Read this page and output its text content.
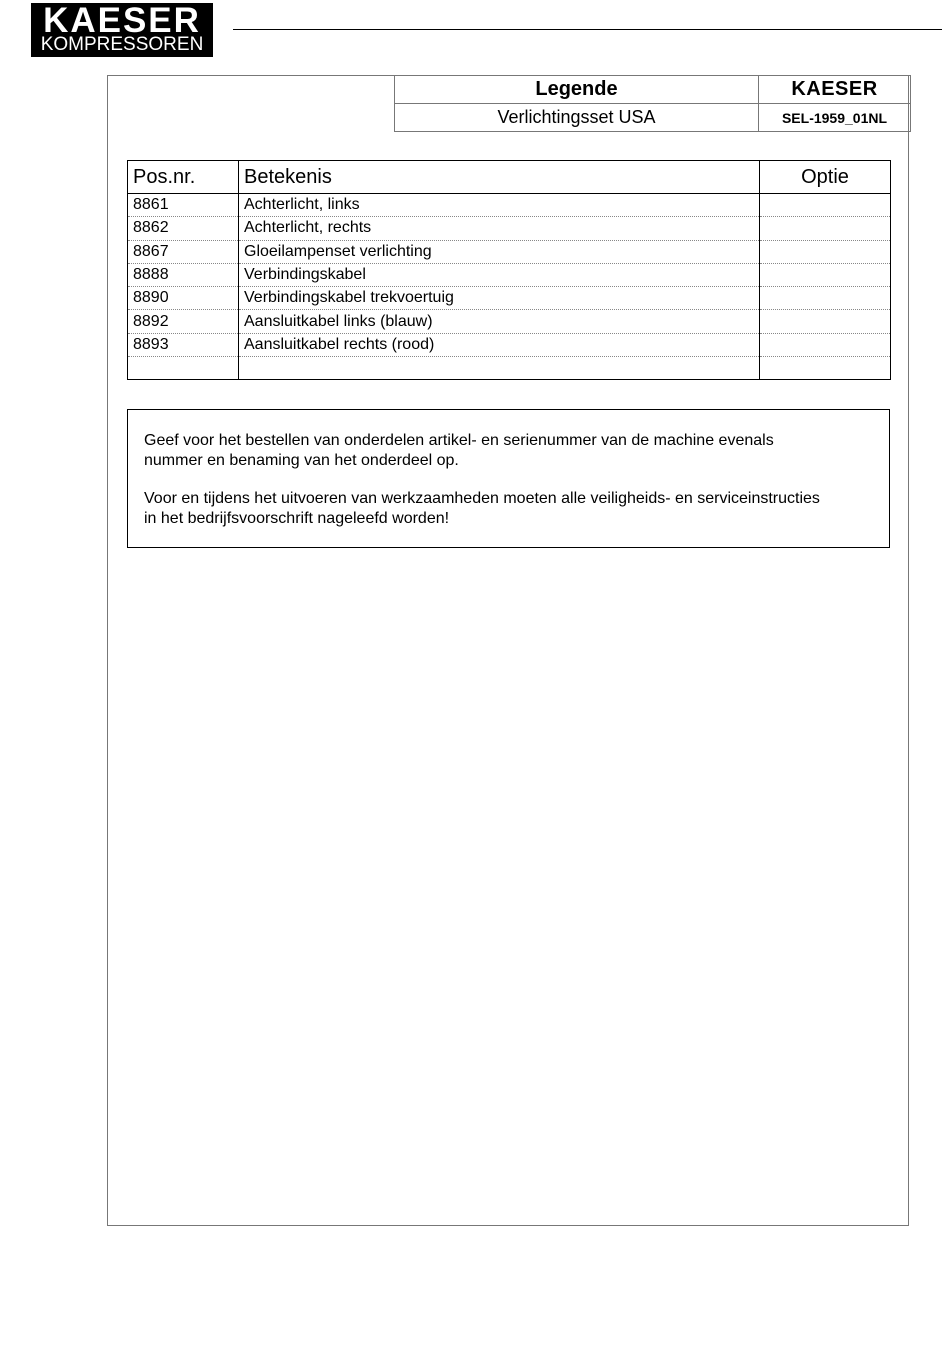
KAESER
KOMPRESSOREN
Legende	KAESER
Verlichtingsset USA	SEL-1959_01NL
Pos.nr.	Betekenis	Optie
8861	Achterlicht, links	
8862	Achterlicht, rechts	
8867	Gloeilampenset verlichting	
8888	Verbindingskabel	
8890	Verbindingskabel trekvoertuig	
8892	Aansluitkabel links (blauw)	
8893	Aansluitkabel rechts (rood)	

Geef voor het bestellen van onderdelen artikel- en serienummer van de machine evenals
nummer en benaming van het onderdeel op.

Voor en tijdens het uitvoeren van werkzaamheden moeten alle veiligheids- en serviceinstructies
in het bedrijfsvoorschrift nageleefd worden!
